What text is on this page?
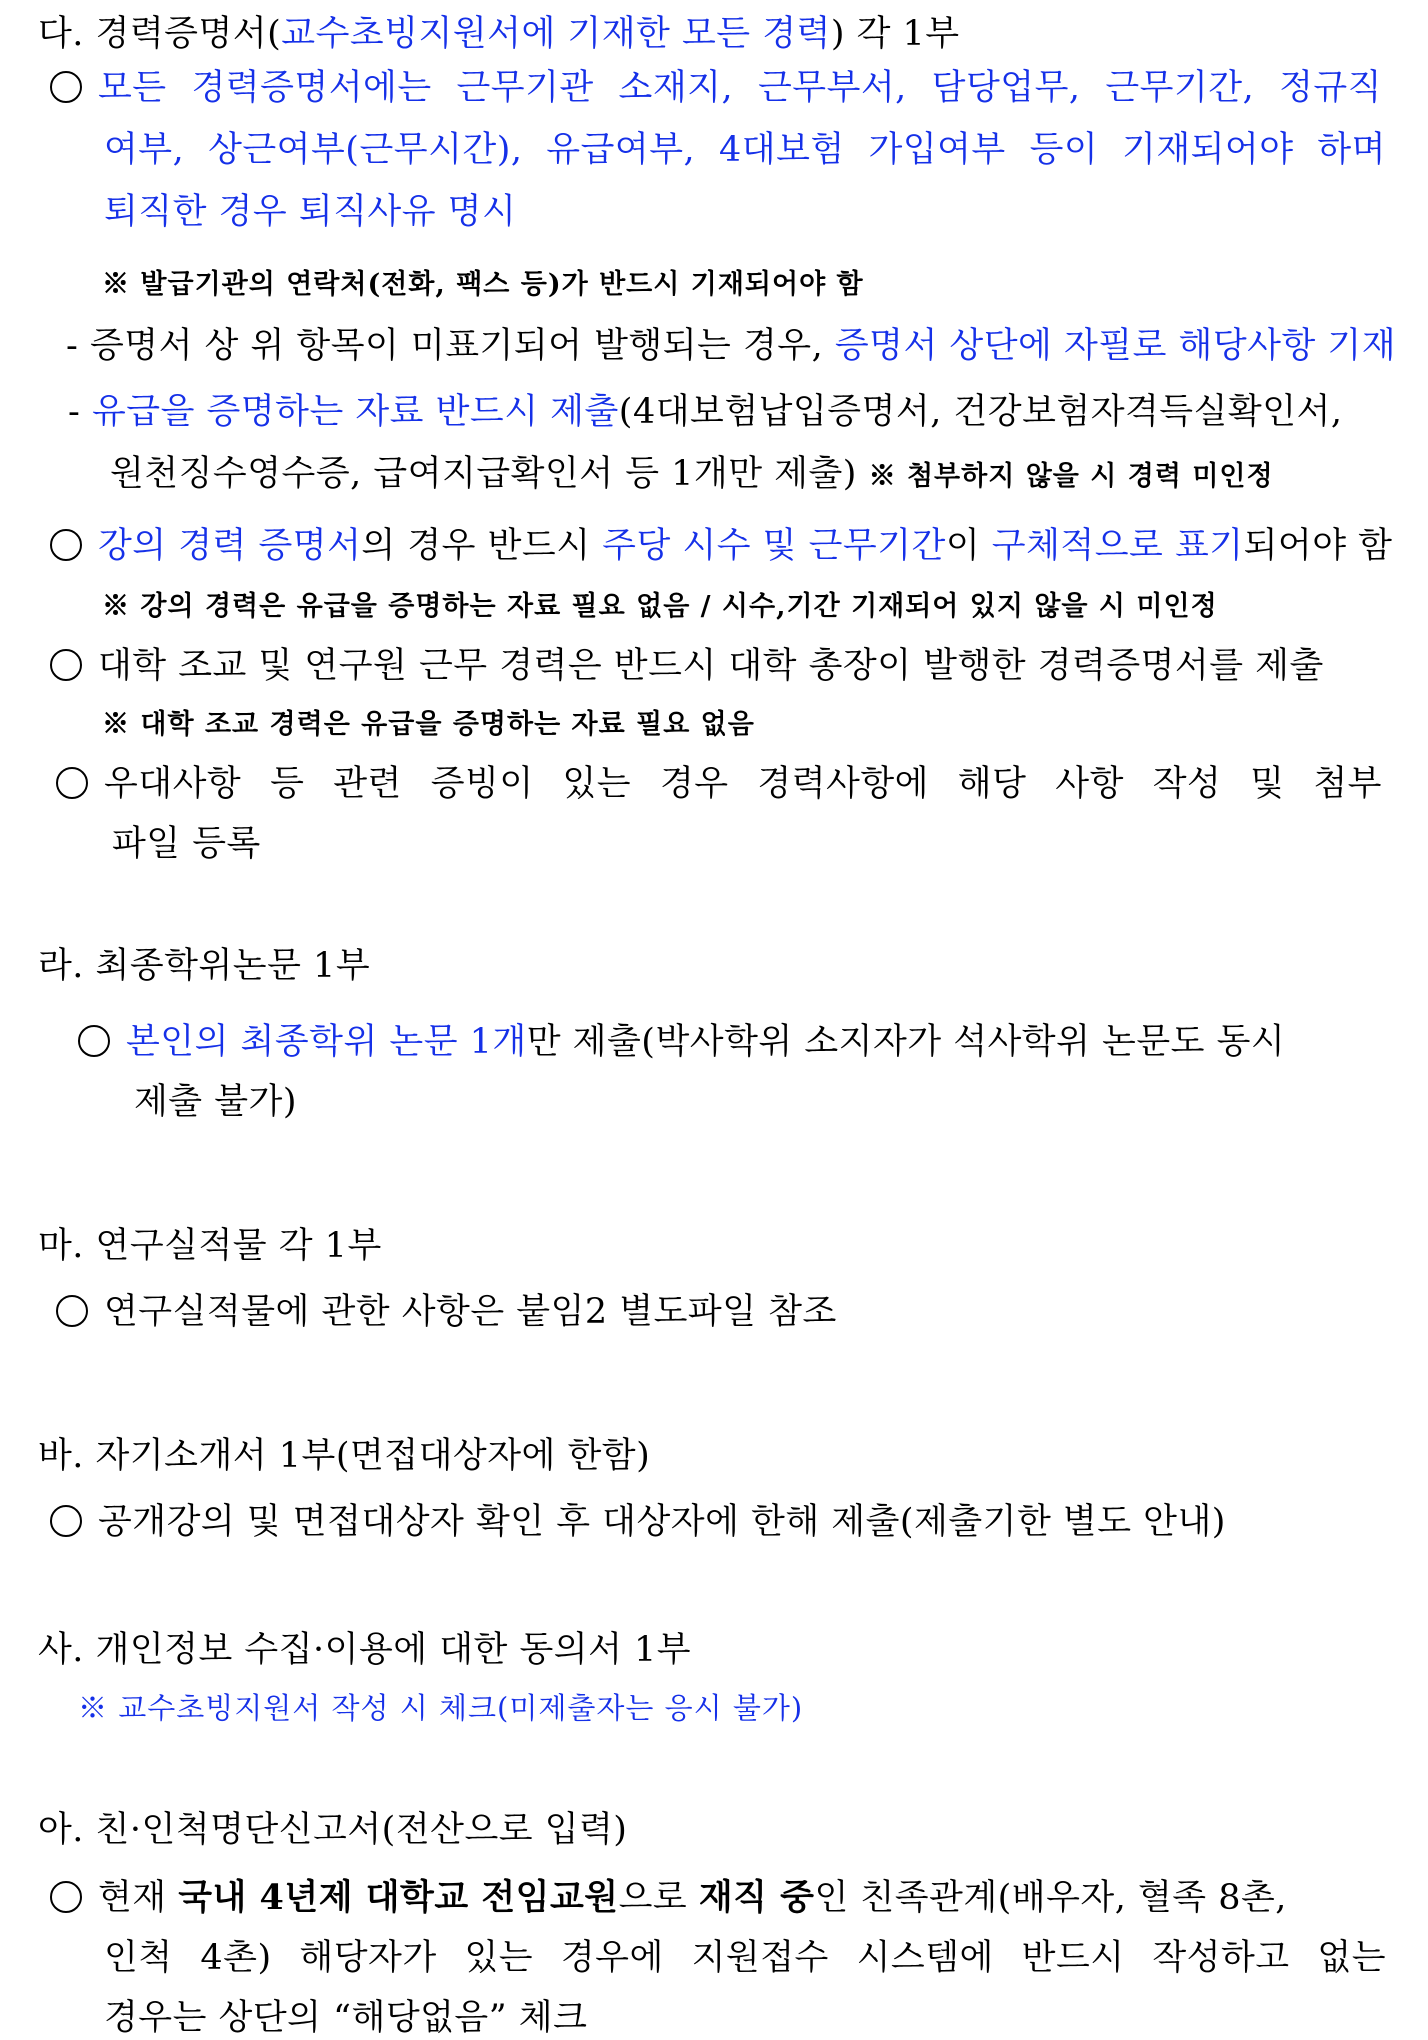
다. 경력증명서(교수초빙지원서에 기재한 모든 경력) 각 1부
모든 경력증명서에는 근무기관 소재지, 근무부서, 담당업무, 근무기간, 정규직
여부, 상근여부(근무시간), 유급여부, 4대보험 가입여부 등이 기재되어야 하며
퇴직한 경우 퇴직사유 명시
※ 발급기관의 연락처(전화, 팩스 등)가 반드시 기재되어야 함
- 증명서 상 위 항목이 미표기되어 발행되는 경우, 증명서 상단에 자필로 해당사항 기재
- 유급을 증명하는 자료 반드시 제출(4대보험납입증명서, 건강보험자격득실확인서,
원천징수영수증, 급여지급확인서 등 1개만 제출) ※ 첨부하지 않을 시 경력 미인정
강의 경력 증명서의 경우 반드시 주당 시수 및 근무기간이 구체적으로 표기되어야 함
※ 강의 경력은 유급을 증명하는 자료 필요 없음 / 시수,기간 기재되어 있지 않을 시 미인정
대학 조교 및 연구원 근무 경력은 반드시 대학 총장이 발행한 경력증명서를 제출
※ 대학 조교 경력은 유급을 증명하는 자료 필요 없음
우대사항 등 관련 증빙이 있는 경우 경력사항에 해당 사항 작성 및 첨부
파일 등록
라. 최종학위논문 1부
본인의 최종학위 논문 1개만 제출(박사학위 소지자가 석사학위 논문도 동시
제출 불가)
마. 연구실적물 각 1부
연구실적물에 관한 사항은 붙임2 별도파일 참조
바. 자기소개서 1부(면접대상자에 한함)
공개강의 및 면접대상자 확인 후 대상자에 한해 제출(제출기한 별도 안내)
사. 개인정보 수집·이용에 대한 동의서 1부
※ 교수초빙지원서 작성 시 체크(미제출자는 응시 불가)
아. 친·인척명단신고서(전산으로 입력)
현재 국내 4년제 대학교 전임교원으로 재직 중인 친족관계(배우자, 혈족 8촌,
인척 4촌) 해당자가 있는 경우에 지원접수 시스템에 반드시 작성하고 없는
경우는 상단의 “해당없음” 체크
